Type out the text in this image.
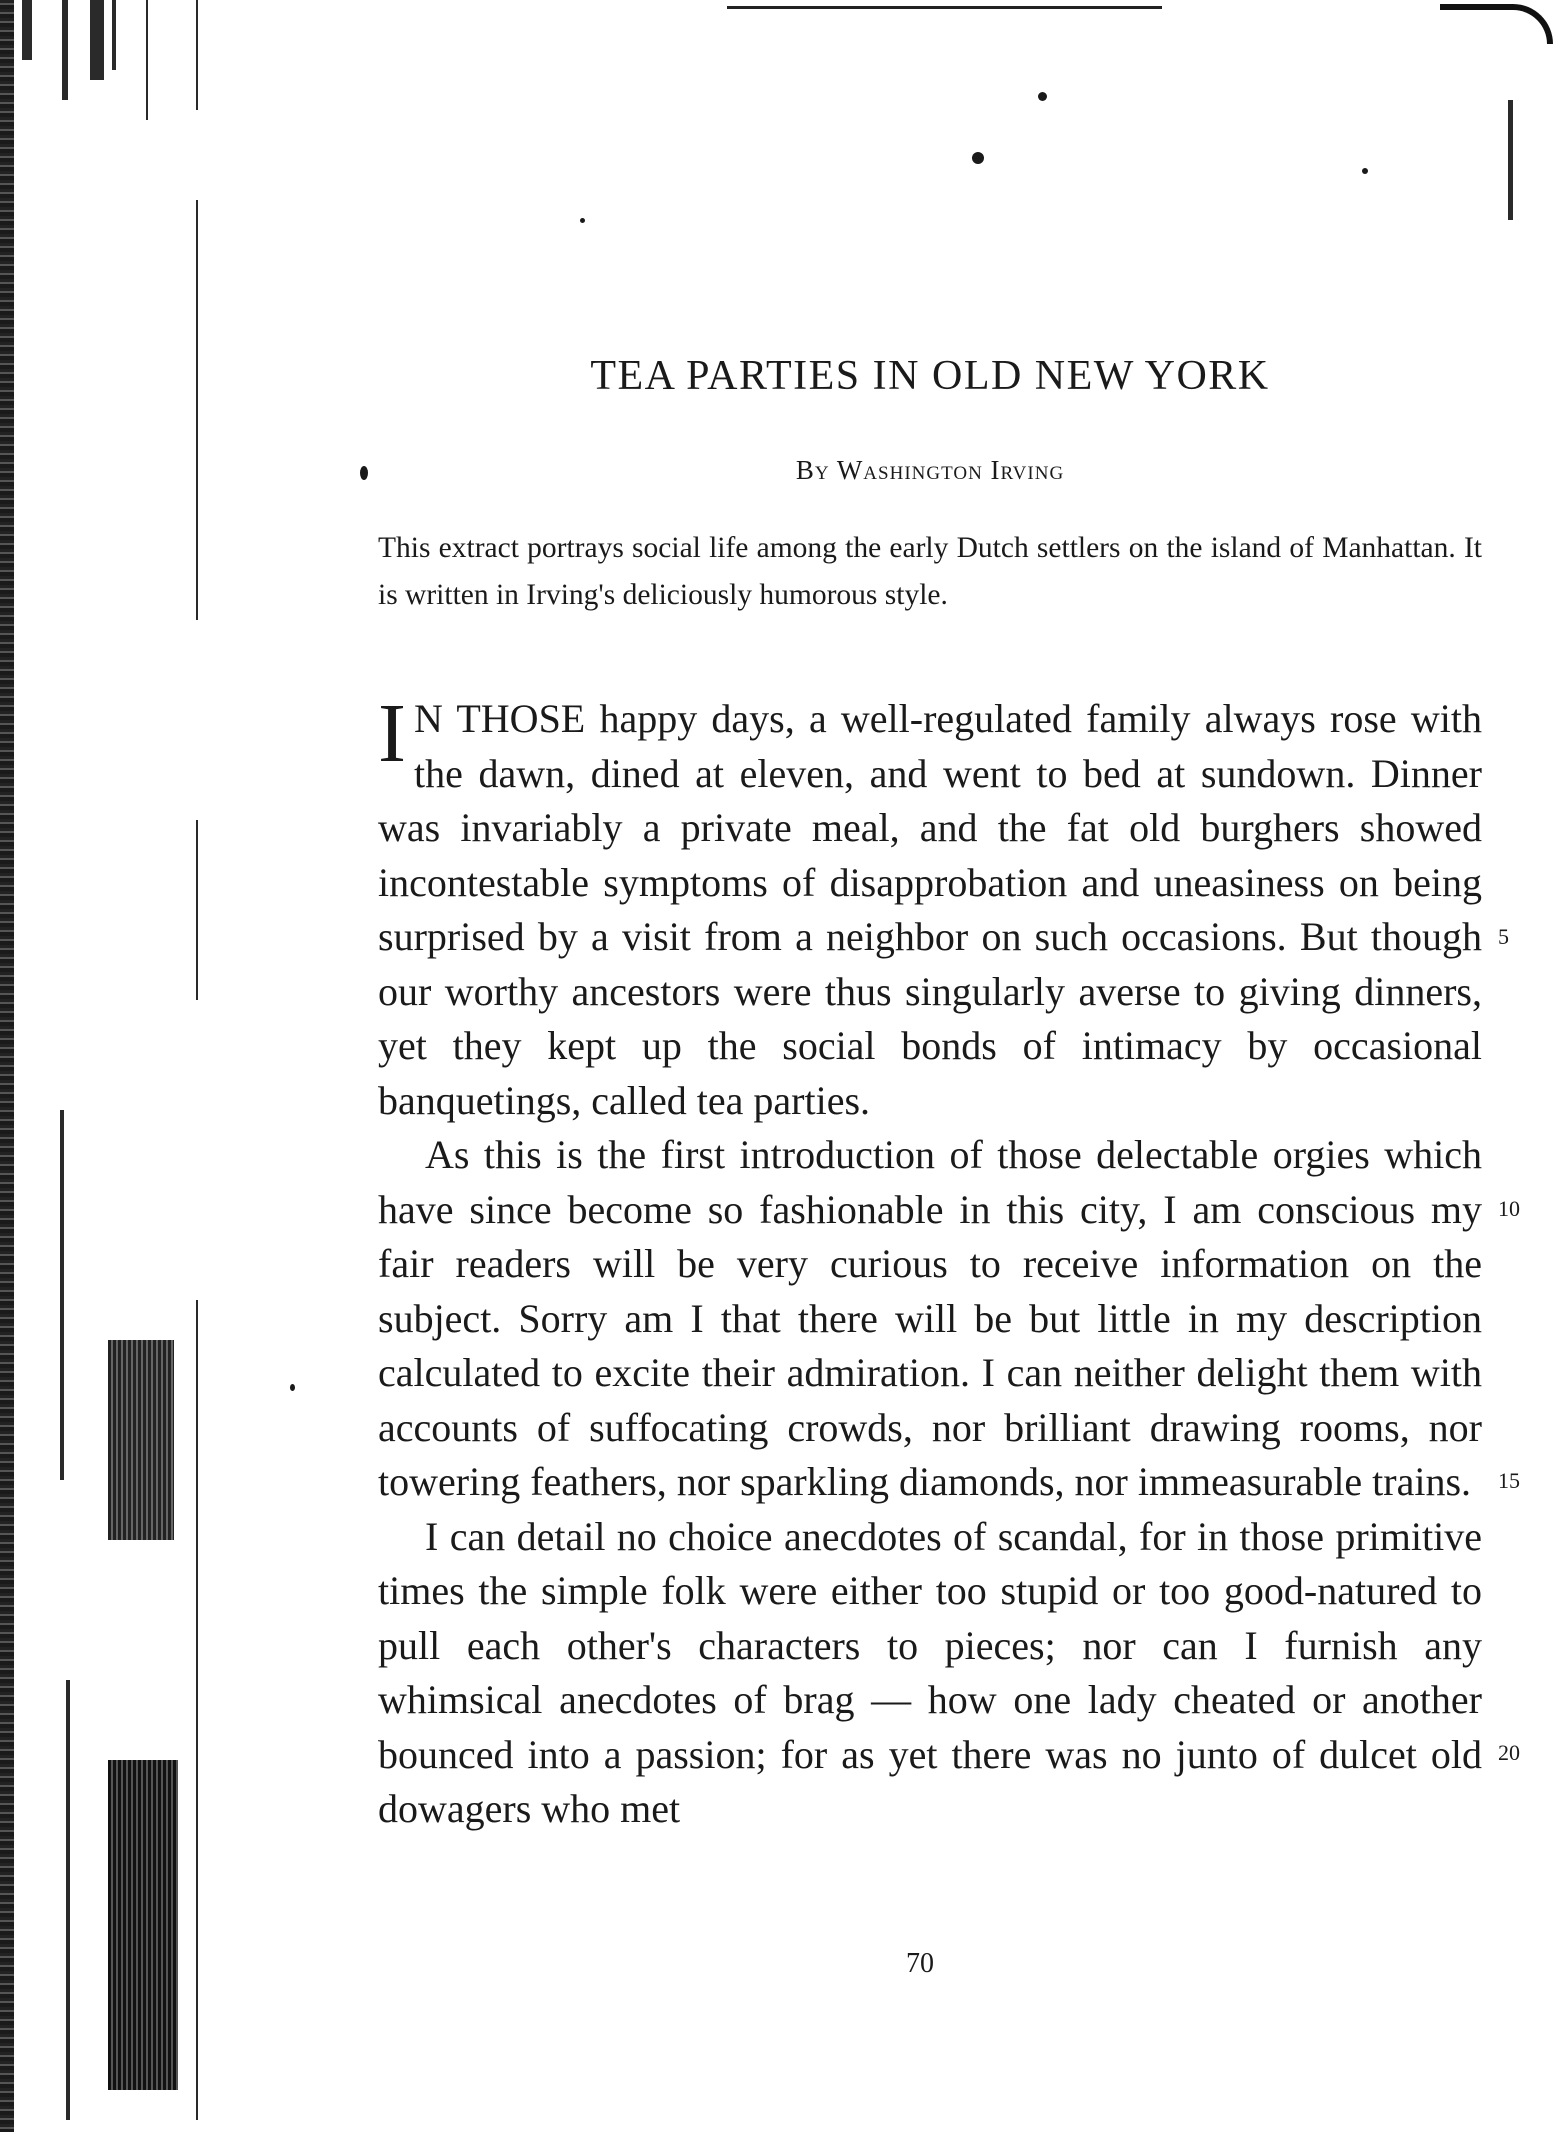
TEA PARTIES IN OLD NEW YORK
By Washington Irving

This extract portrays social life among the early Dutch settlers on the island of Manhattan. It is written in Irving's deliciously humorous style.

I N THOSE happy days, a well-regulated family always rose with the dawn, dined at eleven, and went to bed at sundown. Dinner was invariably a private meal, and the fat old burghers showed incontestable symptoms of disapprobation and uneasiness on being surprised by a visit from a neighbor on such occasions. But though our worthy ancestors were thus singularly averse to giving dinners, yet they kept up the social bonds of intimacy by occasional banquetings, called tea parties.

As this is the first introduction of those delectable orgies which have since become so fashionable in this city, I am conscious my fair readers will be very curious to receive information on the subject. Sorry am I that there will be but little in my description calculated to excite their admiration. I can neither delight them with accounts of suffocating crowds, nor brilliant drawing rooms, nor towering feathers, nor sparkling diamonds, nor immeasurable trains.

I can detail no choice anecdotes of scandal, for in those primitive times the simple folk were either too stupid or too good-natured to pull each other's characters to pieces; nor can I furnish any whimsical anecdotes of brag — how one lady cheated or another bounced into a passion; for as yet there was no junto of dulcet old dowagers who met

5
10
15
20
70
